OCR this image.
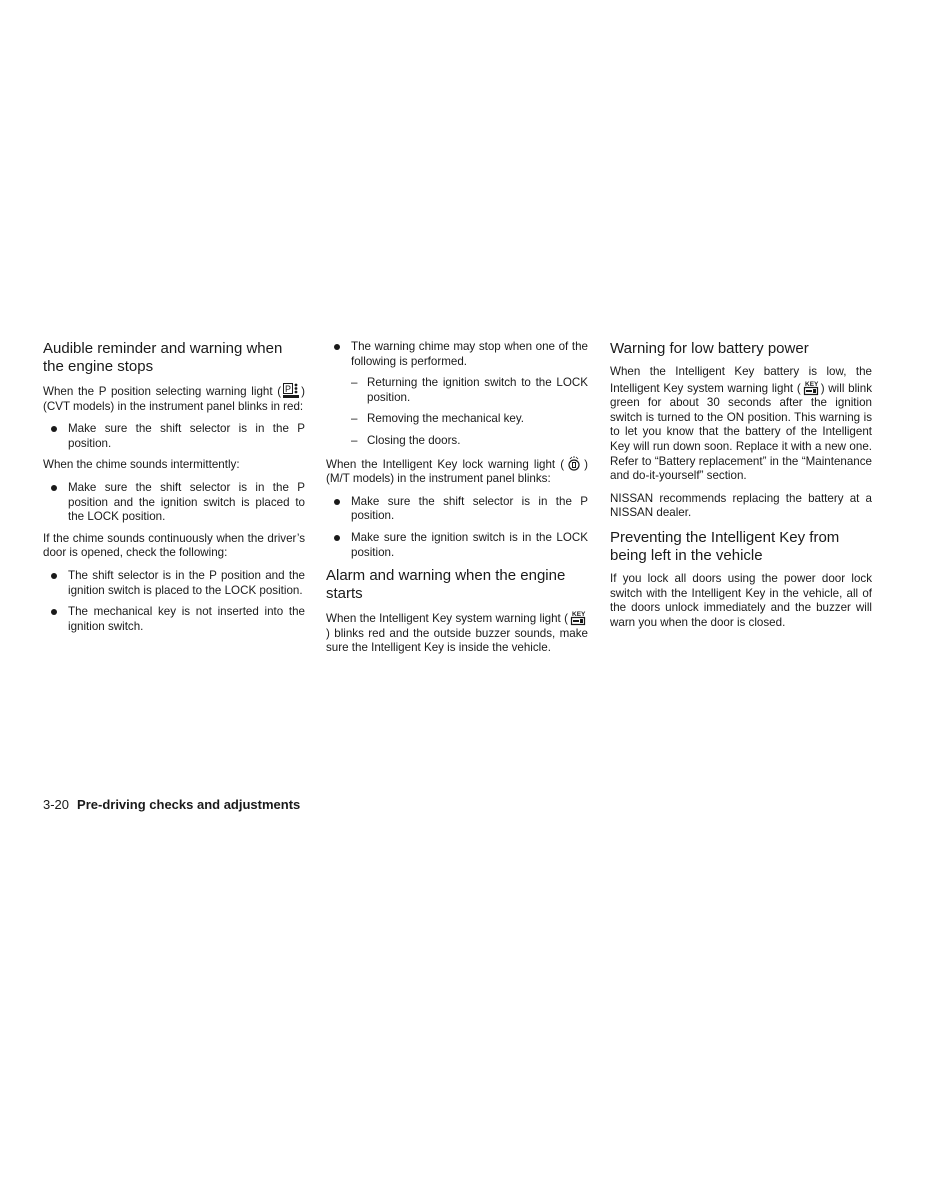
Audible reminder and warning when the engine stops

When the P position selecting warning light ( P ) (CVT models) in the instrument panel blinks in red:

Make sure the shift selector is in the P position.

When the chime sounds intermittently:

Make sure the shift selector is in the P position and the ignition switch is placed to the LOCK position.

If the chime sounds continuously when the driver’s door is opened, check the following:

The shift selector is in the P position and the ignition switch is placed to the LOCK position.
The mechanical key is not inserted into the ignition switch.
The warning chime may stop when one of the following is performed.
– Returning the ignition switch to the LOCK position.
– Removing the mechanical key.
– Closing the doors.

When the Intelligent Key lock warning light ( ) (M/T models) in the instrument panel blinks:

Make sure the shift selector is in the P position.
Make sure the ignition switch is in the LOCK position.
Alarm and warning when the engine starts

When the Intelligent Key system warning light ( KEY
) blinks red and the outside buzzer sounds, make sure the Intelligent Key is inside the vehicle.

Warning for low battery power

When the Intelligent Key battery is low, the Intelligent Key system warning light ( KEY ) will blink green for about 30 seconds after the ignition switch is turned to the ON position. This warning is to let you know that the battery of the Intelligent Key will run down soon. Replace it with a new one. Refer to “Battery replacement” in the “Maintenance and do-it-yourself” section.

NISSAN recommends replacing the battery at a NISSAN dealer.

Preventing the Intelligent Key from being left in the vehicle

If you lock all doors using the power door lock switch with the Intelligent Key in the vehicle, all of the doors unlock immediately and the buzzer will warn you when the door is closed.

3-20 Pre-driving checks and adjustments
